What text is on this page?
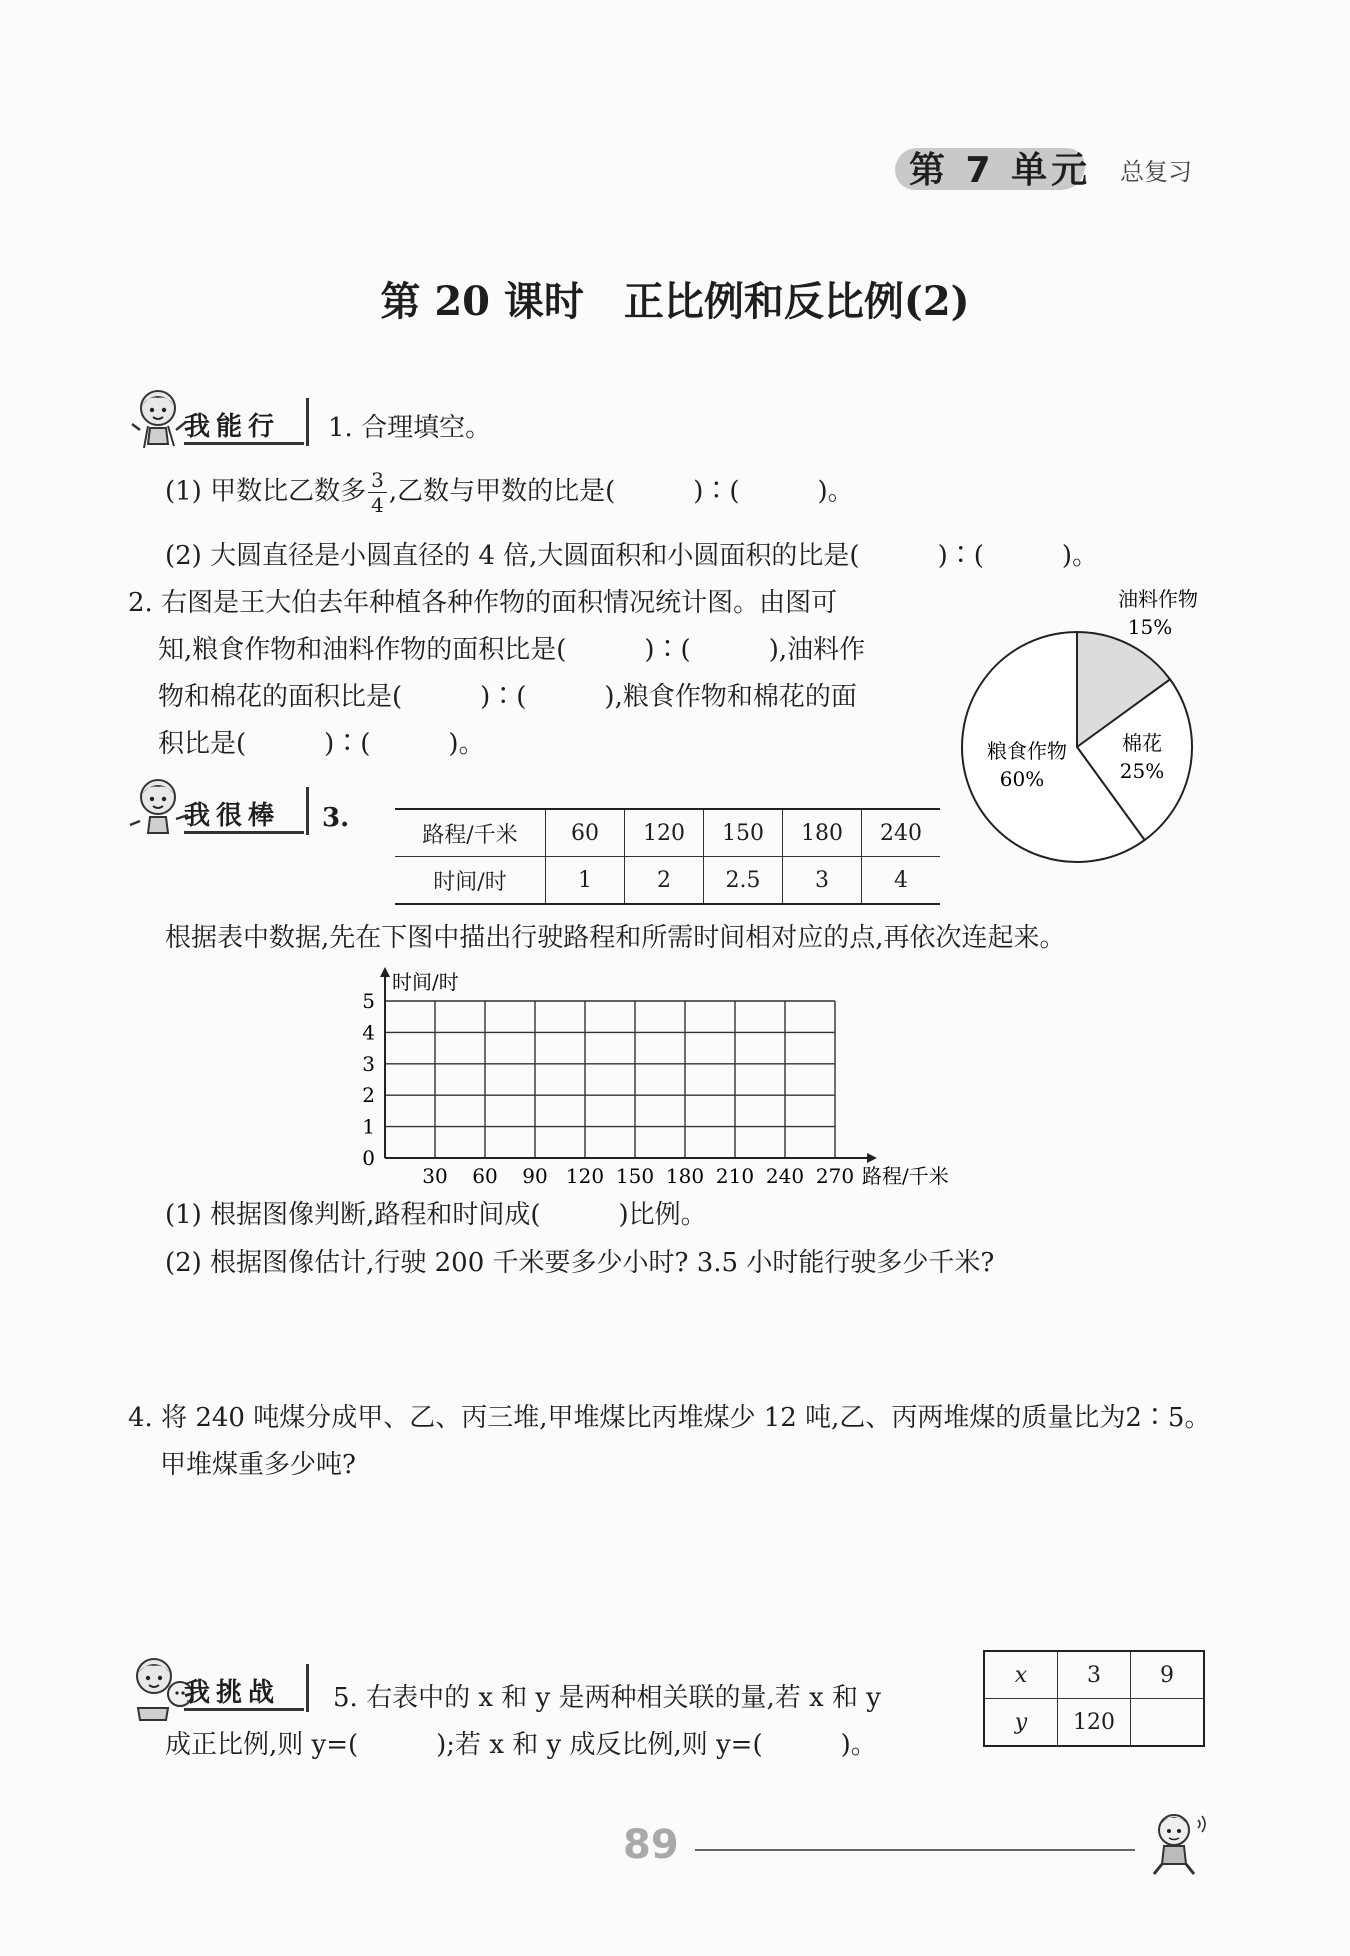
第 7 单元 总复习
第 20 课时　正比例和反比例(2)
我能行 1. 合理填空。
(1) 甲数比乙数多 $\frac{3}{4}$ ,乙数与甲数的比是(　　　)∶(　　　)。
(2) 大圆直径是小圆直径的 4 倍,大圆面积和小圆面积的比是(　　　)∶(　　　)。
2. 右图是王大伯去年种植各种作物的面积情况统计图。由图可
知,粮食作物和油料作物的面积比是(　　　)∶(　　　),油料作
物和棉花的面积比是(　　　)∶(　　　),粮食作物和棉花的面
积比是(　　　)∶(　　　)。
油料作物
15%
棉花
25%
粮食作物
60%
我很棒 3.
路程/千米	60	120	150	180	240
时间/时	1	2	2.5	3	4
根据表中数据,先在下图中描出行驶路程和所需时间相对应的点,再依次连起来。
30 60 90 120 150 180 210 240 270
0
1
2
3
4
5
时间/时
路程/千米
(1) 根据图像判断,路程和时间成(　　　)比例。
(2) 根据图像估计,行驶 200 千米要多少小时? 3.5 小时能行驶多少千米?
4. 将 240 吨煤分成甲、乙、丙三堆,甲堆煤比丙堆煤少 12 吨,乙、丙两堆煤的质量比为2∶5。
甲堆煤重多少吨?
我挑战 5. 右表中的 x 和 y 是两种相关联的量,若 x 和 y
成正比例,则 y=(　　　);若 x 和 y 成反比例,则 y=(　　　)。
x	3	9
y	120	
89
